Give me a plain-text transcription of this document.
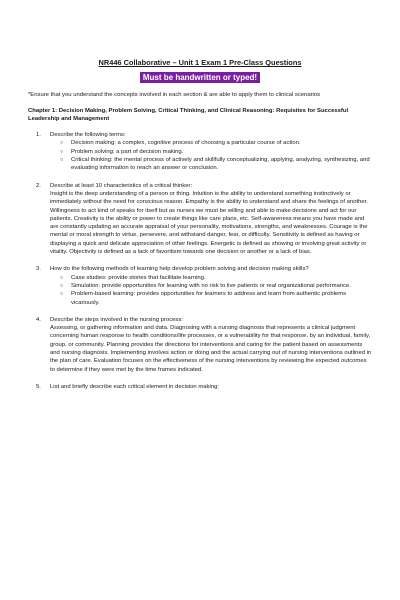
NR446 Collaborative – Unit 1 Exam 1 Pre-Class Questions
Must be handwritten or typed!
*Ensure that you understand the concepts involved in each section & are able to apply them to clinical scenarios
Chapter 1: Decision Making, Problem Solving, Critical Thinking, and Clinical Reasoning: Requisites for Successful Leadership and Management
1.	Describe the following terms:
○ Decision making: a complex, cognitive process of choosing a particular course of action.
○ Problem solving: a part of decision making.
○ Critical thinking: the mental process of actively and skillfully conceptualizing, applying, analyzing, synthesizing, and evaluating information to reach an answer or conclusion.
2.	Describe at least 10 characteristics of a critical thinker:
Insight is the deep understanding of a person or thing. Intuition is the ability to understand something instinctively or immediately without the need for conscious reason. Empathy is the ability to understand and share the feelings of another. Willingness to act kind of speaks for itself but as nurses we must be willing and able to make decisions and act for our patients. Creativity is the ability or power to create things like care plans, etc. Self-awareness means you have made and are constantly updating an accurate appraisal of your personality, motivations, strengths, and weaknesses. Courage is the mental or moral strength to virtue, persevere, and withstand danger, fear, or difficulty. Sensitivity is defined as having or displaying a quick and delicate appreciation of other feelings. Energetic is defined as showing or involving great activity or vitality. Objectivity is defined as a lack of favoritism towards one decision or another or a lack of bias.
3.	How do the following methods of learning help develop problem solving and decision making skills?
○ Case studies: provide stories that facilitate learning.
○ Simulation: provide opportunities for learning with no risk to live patients or real organizational performance.
○ Problem-based learning: provides opportunities for learners to address and learn from authentic problems vicariously.
4.	Describe the steps involved in the nursing process:
Assessing, or gathering information and data. Diagnosing with a nursing diagnosis that represents a clinical judgment concerning human response to health conditions/life processes, or a vulnerability for that response, by an individual, family, group, or community. Planning provides the directions for interventions and caring for the patient based on assessments and nursing diagnosis. Implementing involves action or doing and the actual carrying out of nursing interventions outlined in the plan of care. Evaluation focuses on the effectiveness of the nursing interventions by reviewing the expected outcomes to determine if they were met by the time frames indicated.
5.	List and briefly describe each critical element in decision making:
